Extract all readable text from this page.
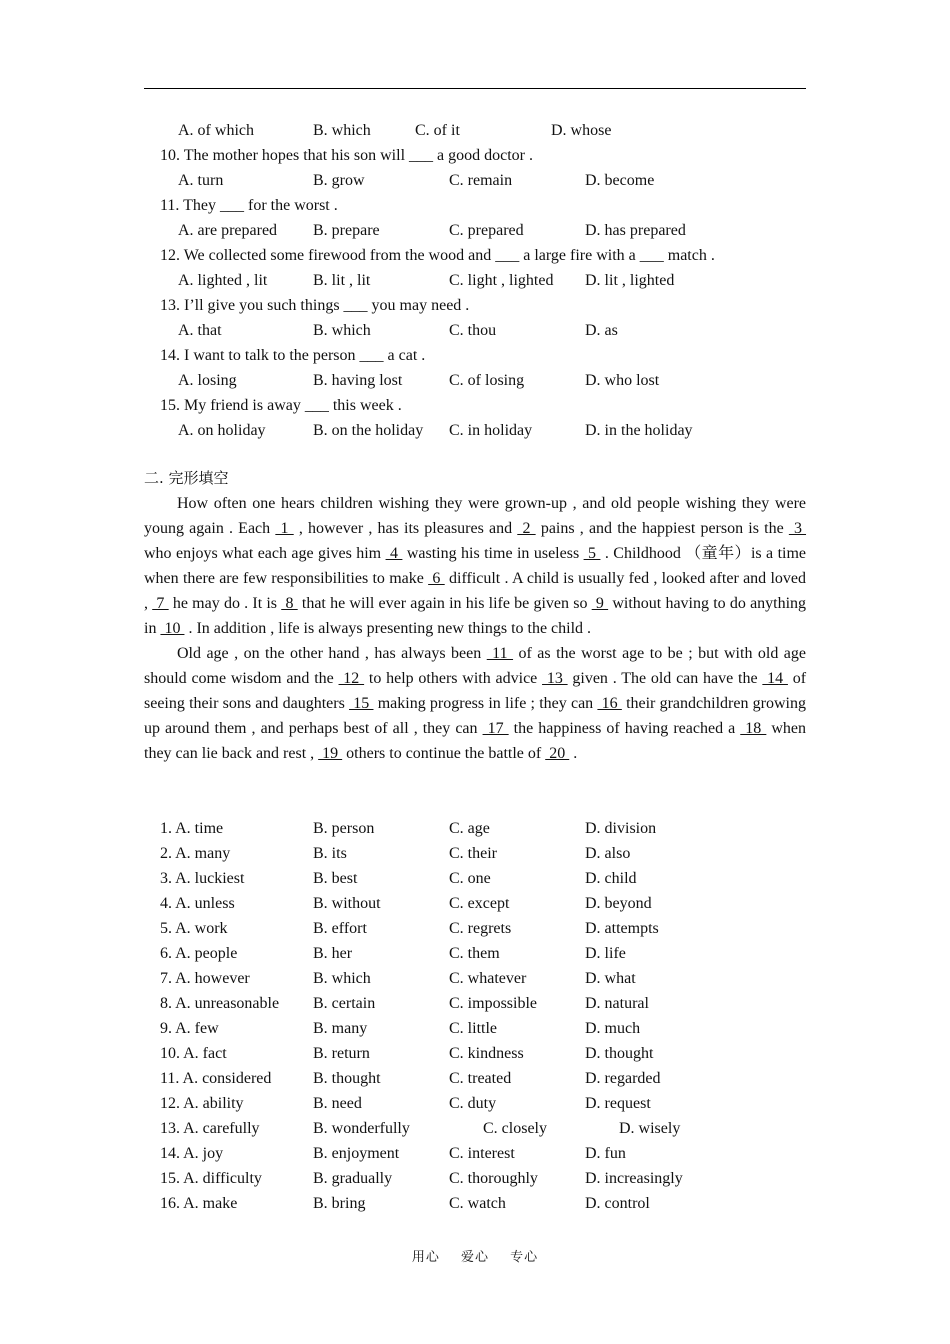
A. of which	B. which	C. of it	D. whose
10. The mother hopes that his son will ___ a good doctor .
A. turn	B. grow	C. remain	D. become
11. They ___ for the worst .
A. are prepared B. prepare	C. prepared	D. has prepared
12. We collected some firewood from the wood and ___ a large fire with a ___ match .
A. lighted , lit	B. lit , lit	C. light , lighted D. lit , lighted
13. I’ll give you such things ___ you may need .
A. that	B. which	C. thou	D. as
14. I want to talk to the person ___ a cat .
A. losing	B. having lost	C. of losing	D. who lost
15. My friend is away ___ this week .
A. on holiday	B. on the holiday C. in holiday	D. in the holiday
二. 完形填空

How often one hears children wishing they were grown-up , and old people wishing they were young again . Each  1  , however , has its pleasures and  2  pains , and the happiest person is the  3  who enjoys what each age gives him  4  wasting his time in useless  5  . Childhood （童年）is a time when there are few responsibilities to make  6  difficult . A child is usually fed , looked after and loved ,  7  he may do . It is  8  that he will ever again in his life be given so  9  without having to do anything in  10  . In addition , life is always presenting new things to the child .

Old age , on the other hand , has always been  11  of as the worst age to be ; but with old age should come wisdom and the  12  to help others with advice  13  given . The old can have the  14  of seeing their sons and daughters  15  making progress in life ; they can  16  their grandchildren growing up around them , and perhaps best of all , they can  17  the happiness of having reached a  18  when they can lie back and rest ,  19  others to continue the battle of  20  .

1. A. time	B. person	C. age	D. division
2. A. many	B. its	C. their	D. also
3. A. luckiest	B. best	C. one	D. child
4. A. unless	B. without	C. except	D. beyond
5. A. work	B. effort	C. regrets	D. attempts
6. A. people	B. her	C. them	D. life
7. A. however	B. which	C. whatever	D. what
8. A. unreasonable B. certain	C. impossible	D. natural
9. A. few	B. many	C. little	D. much
10. A. fact	B. return	C. kindness	D. thought
11. A. considered	B. thought	C. treated	D. regarded
12. A. ability	B. need	C. duty	D. request
13. A. carefully	B. wonderfully	C. closely	D. wisely
14. A. joy	B. enjoyment	C. interest	D. fun
15. A. difficulty	B. gradually	C. thoroughly	D. increasingly
16. A. make	B. bring	C. watch	D. control
用心 爱心 专心
